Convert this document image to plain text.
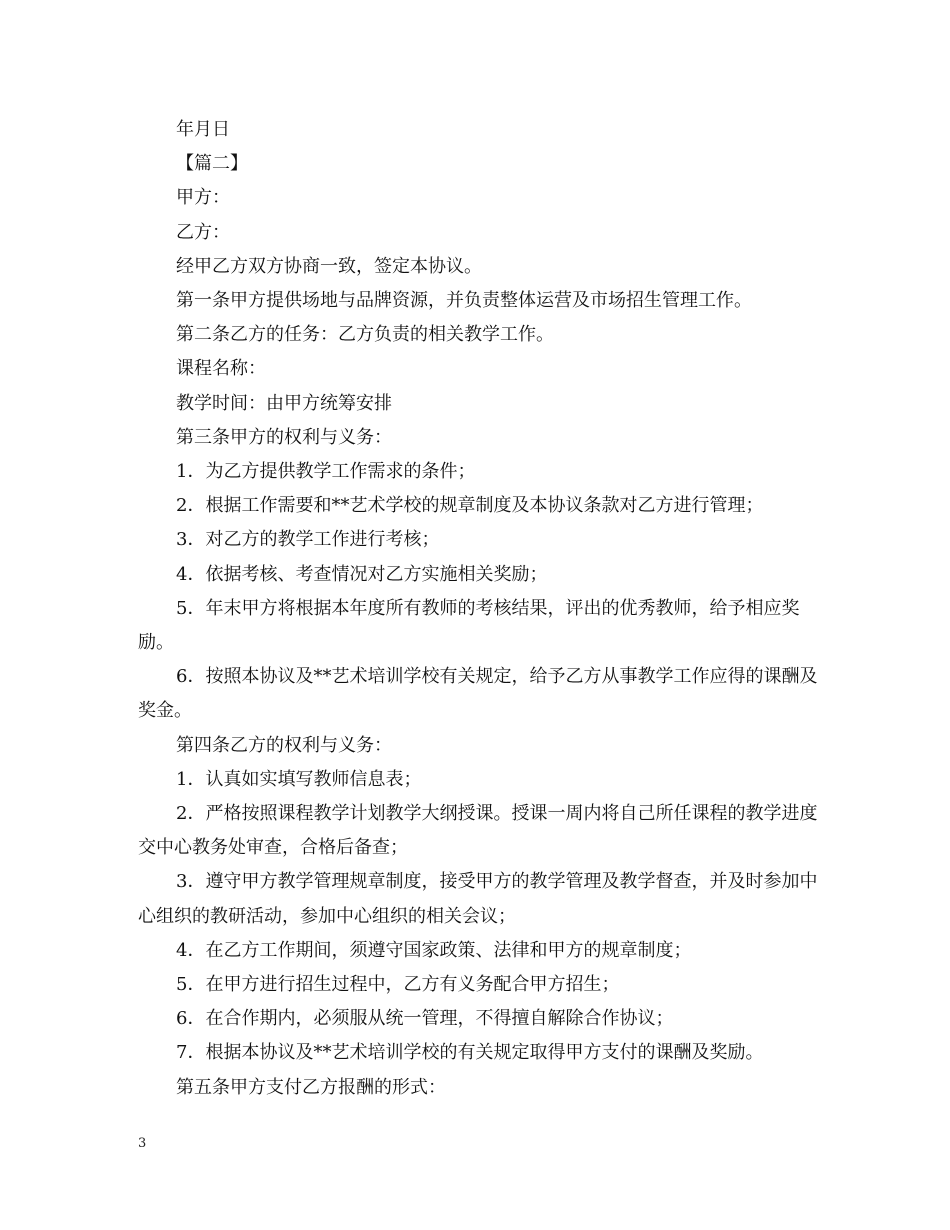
年月日

【篇二】

甲方：

乙方：

经甲乙方双方协商一致，签定本协议。

第一条甲方提供场地与品牌资源，并负责整体运营及市场招生管理工作。

第二条乙方的任务：乙方负责的相关教学工作。

课程名称：

教学时间：由甲方统筹安排

第三条甲方的权利与义务：

1．为乙方提供教学工作需求的条件；

2．根据工作需要和**艺术学校的规章制度及本协议条款对乙方进行管理；

3．对乙方的教学工作进行考核；

4．依据考核、考查情况对乙方实施相关奖励；

5．年末甲方将根据本年度所有教师的考核结果，评出的优秀教师，给予相应奖励。

6．按照本协议及**艺术培训学校有关规定，给予乙方从事教学工作应得的课酬及奖金。

第四条乙方的权利与义务：

1．认真如实填写教师信息表；

2．严格按照课程教学计划教学大纲授课。授课一周内将自己所任课程的教学进度交中心教务处审查，合格后备查；

3．遵守甲方教学管理规章制度，接受甲方的教学管理及教学督查，并及时参加中心组织的教研活动，参加中心组织的相关会议；

4．在乙方工作期间，须遵守国家政策、法律和甲方的规章制度；

5．在甲方进行招生过程中，乙方有义务配合甲方招生；

6．在合作期内，必须服从统一管理，不得擅自解除合作协议；

7．根据本协议及**艺术培训学校的有关规定取得甲方支付的课酬及奖励。

第五条甲方支付乙方报酬的形式：

3
